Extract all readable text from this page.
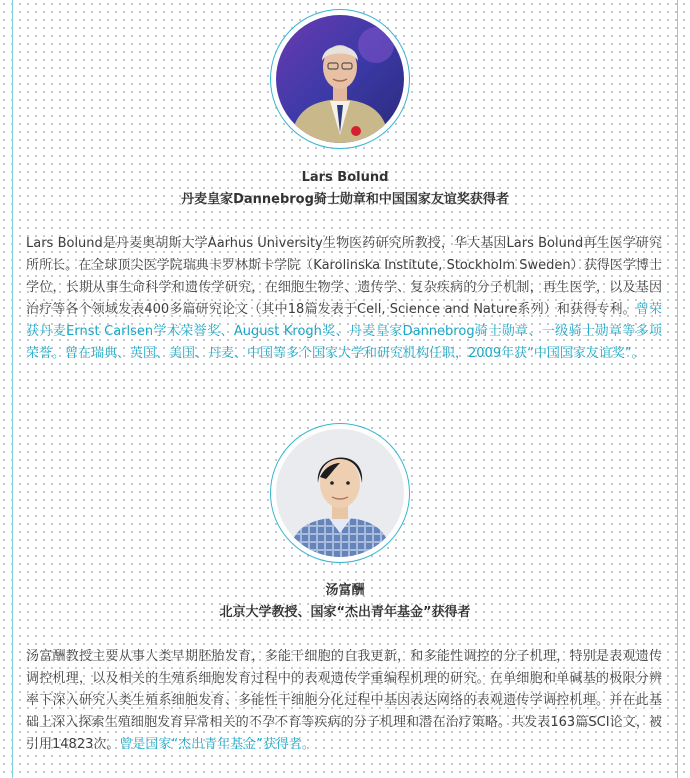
Lars Bolund
丹麦皇家Dannebrog骑士勋章和中国国家友谊奖获得者
Lars Bolund是丹麦奥胡斯大学Aarhus University生物医药研究所教授，华大基因Lars Bolund再生医学研究所所长。在全球顶尖医学院瑞典卡罗林斯卡学院（Karolinska Institute, Stockholm Sweden）获得医学博士学位，长期从事生命科学和遗传学研究，在细胞生物学、遗传学、复杂疾病的分子机制，再生医学，以及基因治疗等各个领域发表400多篇研究论文（其中18篇发表于Cell, Science and Nature系列）和获得专利。曾荣获丹麦Ernst Carlsen学术荣誉奖、August Krogh奖、丹麦皇家Dannebrog骑士勋章、一级骑士勋章等多项荣誉。曾在瑞典、英国、美国、丹麦、中国等多个国家大学和研究机构任职，2009年获“中国国家友谊奖”。
汤富酬
北京大学教授、国家“杰出青年基金”获得者
汤富酬教授主要从事人类早期胚胎发育，多能干细胞的自我更新，和多能性调控的分子机理，特别是表观遗传调控机理，以及相关的生殖系细胞发育过程中的表观遗传学重编程机理的研究。在单细胞和单碱基的极限分辨率下深入研究人类生殖系细胞发育、多能性干细胞分化过程中基因表达网络的表观遗传学调控机理。并在此基础上深入探索生殖细胞发育异常相关的不孕不育等疾病的分子机理和潜在治疗策略。共发表163篇SCI论文，被引用14823次。曾是国家“杰出青年基金”获得者。
